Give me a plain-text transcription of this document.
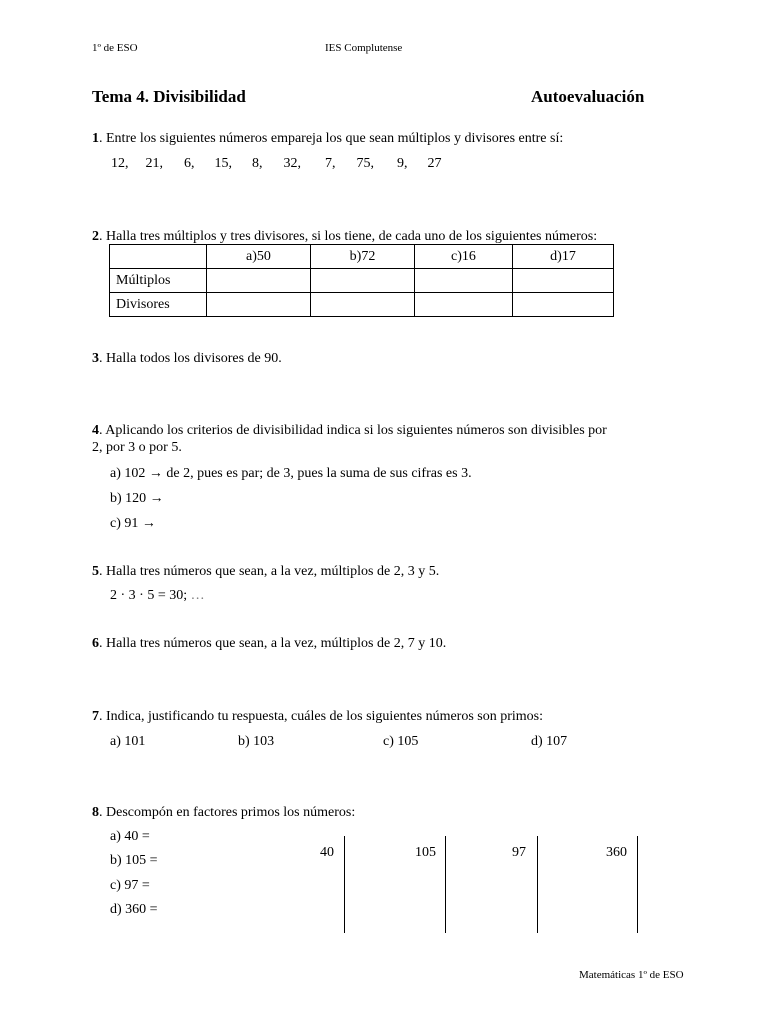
1º de ESO	IES Complutense
Tema 4. Divisibilidad	Autoevaluación
1. Entre los siguientes números empareja los que sean múltiplos y divisores entre sí:
12, 21, 6, 15, 8, 32, 7, 75, 9, 27
2. Halla tres múltiplos y tres divisores, si los tiene, de cada uno de los siguientes números:
	a)50	b)72	c)16	d)17
Múltiplos				
Divisores				
3. Halla todos los divisores de 90.
4. Aplicando los criterios de divisibilidad indica si los siguientes números son divisibles por
2, por 3 o por 5.
a) 102 → de 2, pues es par; de 3, pues la suma de sus cifras es 3.
b) 120 →
c) 91 →
5. Halla tres números que sean, a la vez, múltiplos de 2, 3 y 5.
2 · 3 · 5 = 30; …
6. Halla tres números que sean, a la vez, múltiplos de 2, 7 y 10.
7. Indica, justificando tu respuesta, cuáles de los siguientes números son primos:
a) 101	b) 103	c) 105	d) 107
8. Descompón en factores primos los números:
a) 40 =
b) 105 =
c) 97 =
d) 360 =
40	105	97	360
Matemáticas 1º de ESO
